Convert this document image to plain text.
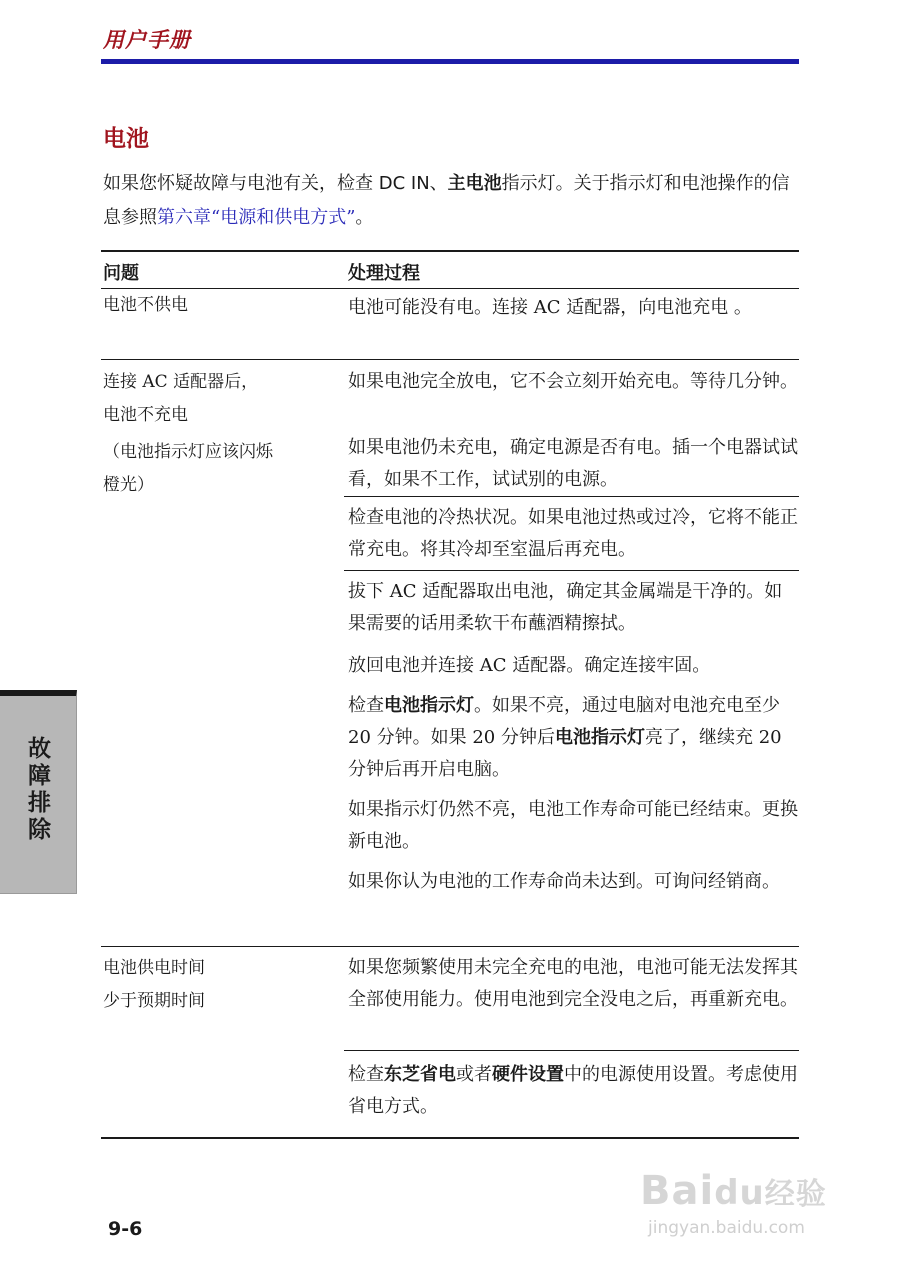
用户手册
电池
如果您怀疑故障与电池有关，检查 DC IN、主电池指示灯。关于指示灯和电池操作的信息参照第六章“电源和供电方式”。
问题	处理过程
电池不供电	电池可能没有电。连接 AC 适配器，向电池充电 。
连接 AC 适配器后，
电池不充电
（电池指示灯应该闪烁
橙光）
如果电池完全放电，它不会立刻开始充电。等待几分钟。
如果电池仍未充电，确定电源是否有电。插一个电器试试看，如果不工作，试试别的电源。
检查电池的冷热状况。如果电池过热或过冷，它将不能正常充电。将其冷却至室温后再充电。
拔下 AC 适配器取出电池，确定其金属端是干净的。如果需要的话用柔软干布蘸酒精擦拭。
放回电池并连接 AC 适配器。确定连接牢固。
检查电池指示灯。如果不亮，通过电脑对电池充电至少 20 分钟。如果 20 分钟后电池指示灯亮了，继续充 20 分钟后再开启电脑。
如果指示灯仍然不亮，电池工作寿命可能已经结束。更换新电池。
如果你认为电池的工作寿命尚未达到。可询问经销商。
电池供电时间
少于预期时间
如果您频繁使用未完全充电的电池，电池可能无法发挥其全部使用能力。使用电池到完全没电之后，再重新充电。
检查东芝省电或者硬件设置中的电源使用设置。考虑使用省电方式。
故障排除
9-6
Baidu经验
jingyan.baidu.com
